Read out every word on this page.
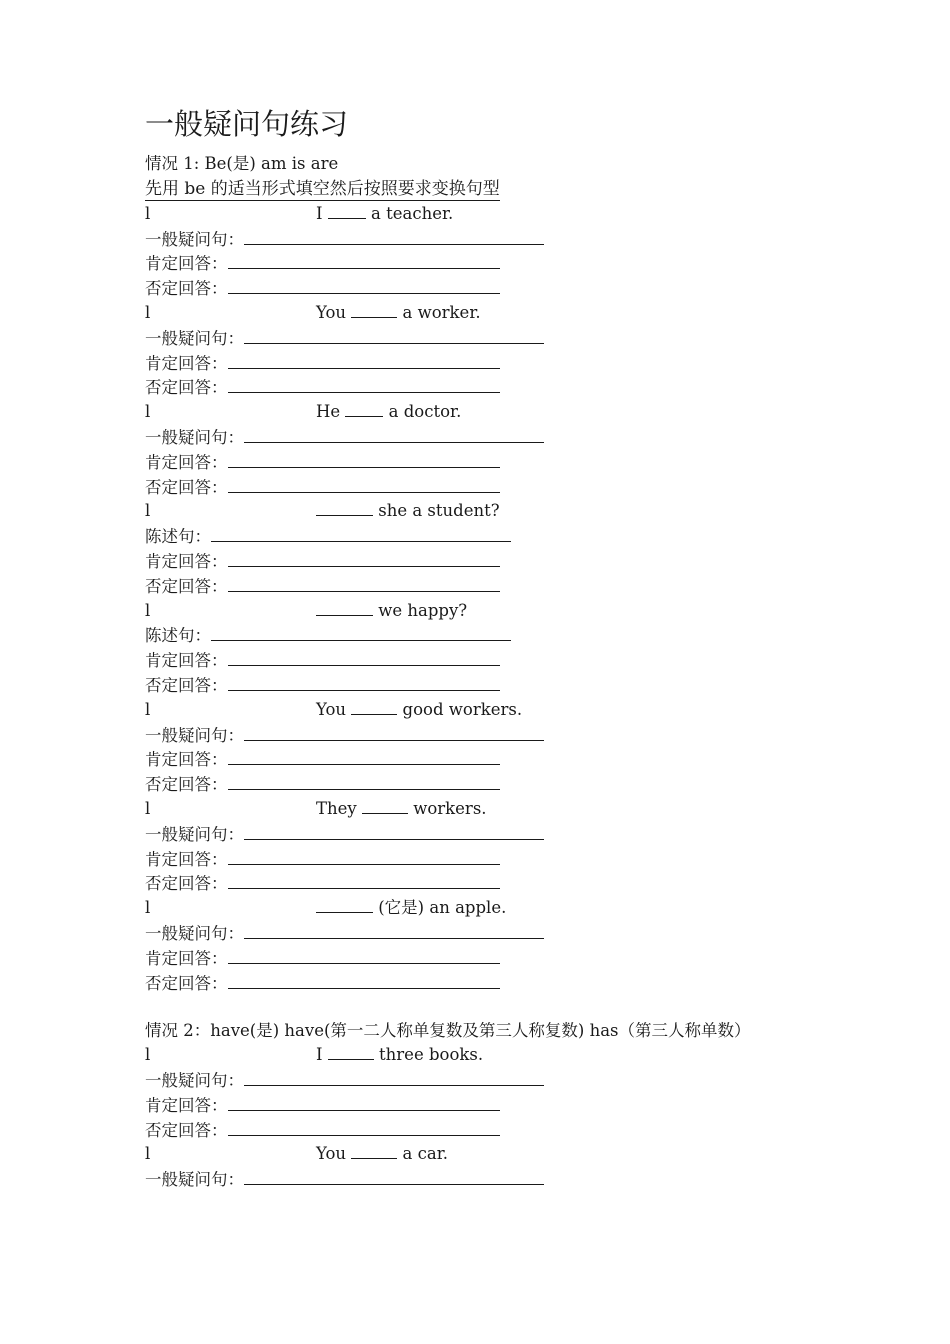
一般疑问句练习
情况 1: Be(是) am is are
先用 be 的适当形式填空然后按照要求变换句型
l	I	a teacher.
一般疑问句：
肯定回答：
否定回答：
l	You	a worker.
一般疑问句：
肯定回答：
否定回答：
l	He	a doctor.
一般疑问句：
肯定回答：
否定回答：
l	she a student?
陈述句：
肯定回答：
否定回答：
l	we happy?
陈述句：
肯定回答：
否定回答：
l	You	good workers.
一般疑问句：
肯定回答：
否定回答：
l	They	workers.
一般疑问句：
肯定回答：
否定回答：
l	(它是) an apple.
一般疑问句：
肯定回答：
否定回答：
情况 2：have(是) have(第一二人称单复数及第三人称复数) has（第三人称单数）
l	I	three books.
一般疑问句：
肯定回答：
否定回答：
l	You	a car.
一般疑问句：
